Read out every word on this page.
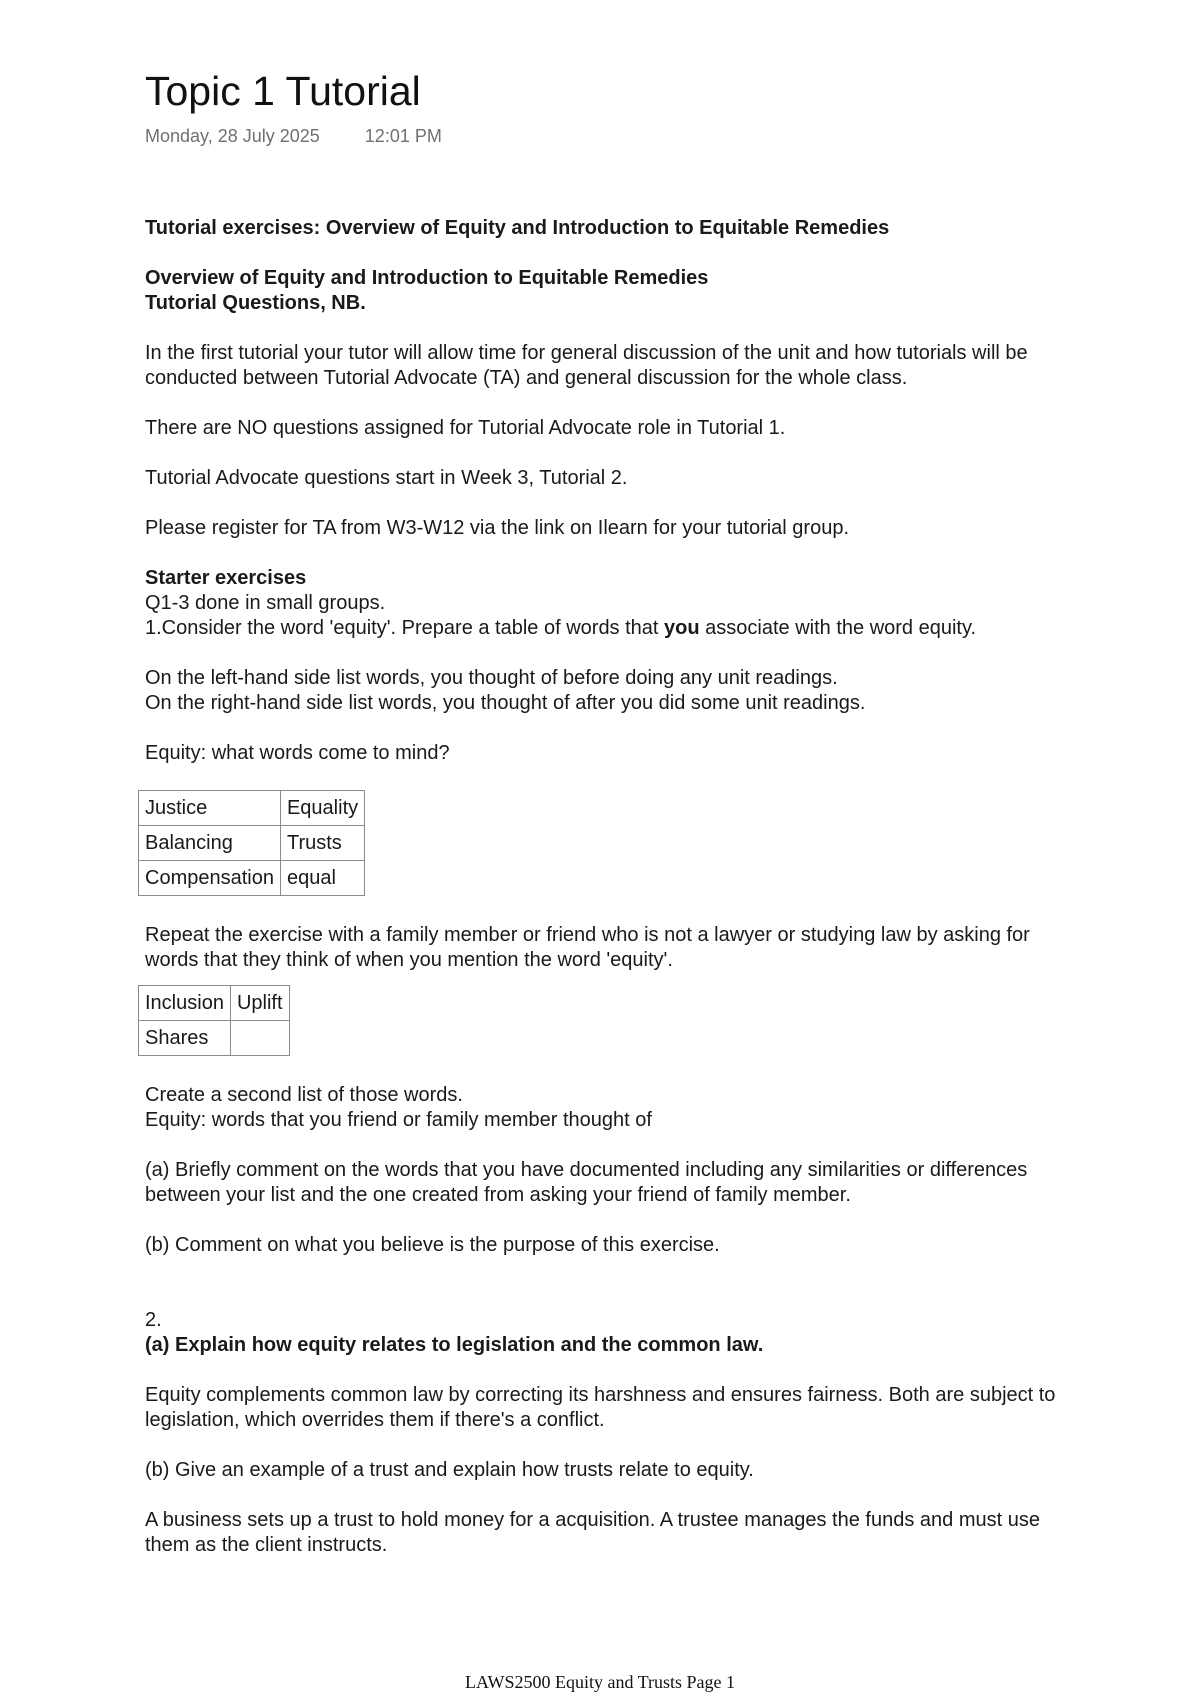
Topic 1 Tutorial
Monday, 28 July 2025	12:01 PM

Tutorial exercises: Overview of Equity and Introduction to Equitable Remedies

Overview of Equity and Introduction to Equitable Remedies

Tutorial Questions, NB.

In the first tutorial your tutor will allow time for general discussion of the unit and how tutorials will be conducted between Tutorial Advocate (TA) and general discussion for the whole class.

There are NO questions assigned for Tutorial Advocate role in Tutorial 1.

Tutorial Advocate questions start in Week 3, Tutorial 2.

Please register for TA from W3-W12 via the link on Ilearn for your tutorial group.

Starter exercises

Q1-3 done in small groups.

1.Consider the word 'equity'. Prepare a table of words that you associate with the word equity.

On the left-hand side list words, you thought of before doing any unit readings.

On the right-hand side list words, you thought of after you did some unit readings.

Equity: what words come to mind?

Justice	Equality
Balancing	Trusts
Compensation	equal

Repeat the exercise with a family member or friend who is not a lawyer or studying law by asking for words that they think of when you mention the word 'equity'.

Inclusion	Uplift
Shares	

Create a second list of those words.

Equity: words that you friend or family member thought of

(a) Briefly comment on the words that you have documented including any similarities or differences between your list and the one created from asking your friend of family member.

(b) Comment on what you believe is the purpose of this exercise.

2.

(a) Explain how equity relates to legislation and the common law.

Equity complements common law by correcting its harshness and ensures fairness. Both are subject to legislation, which overrides them if there's a conflict.

(b) Give an example of a trust and explain how trusts relate to equity.

A business sets up a trust to hold money for a acquisition. A trustee manages the funds and must use them as the client instructs.

LAWS2500 Equity and Trusts Page 1
